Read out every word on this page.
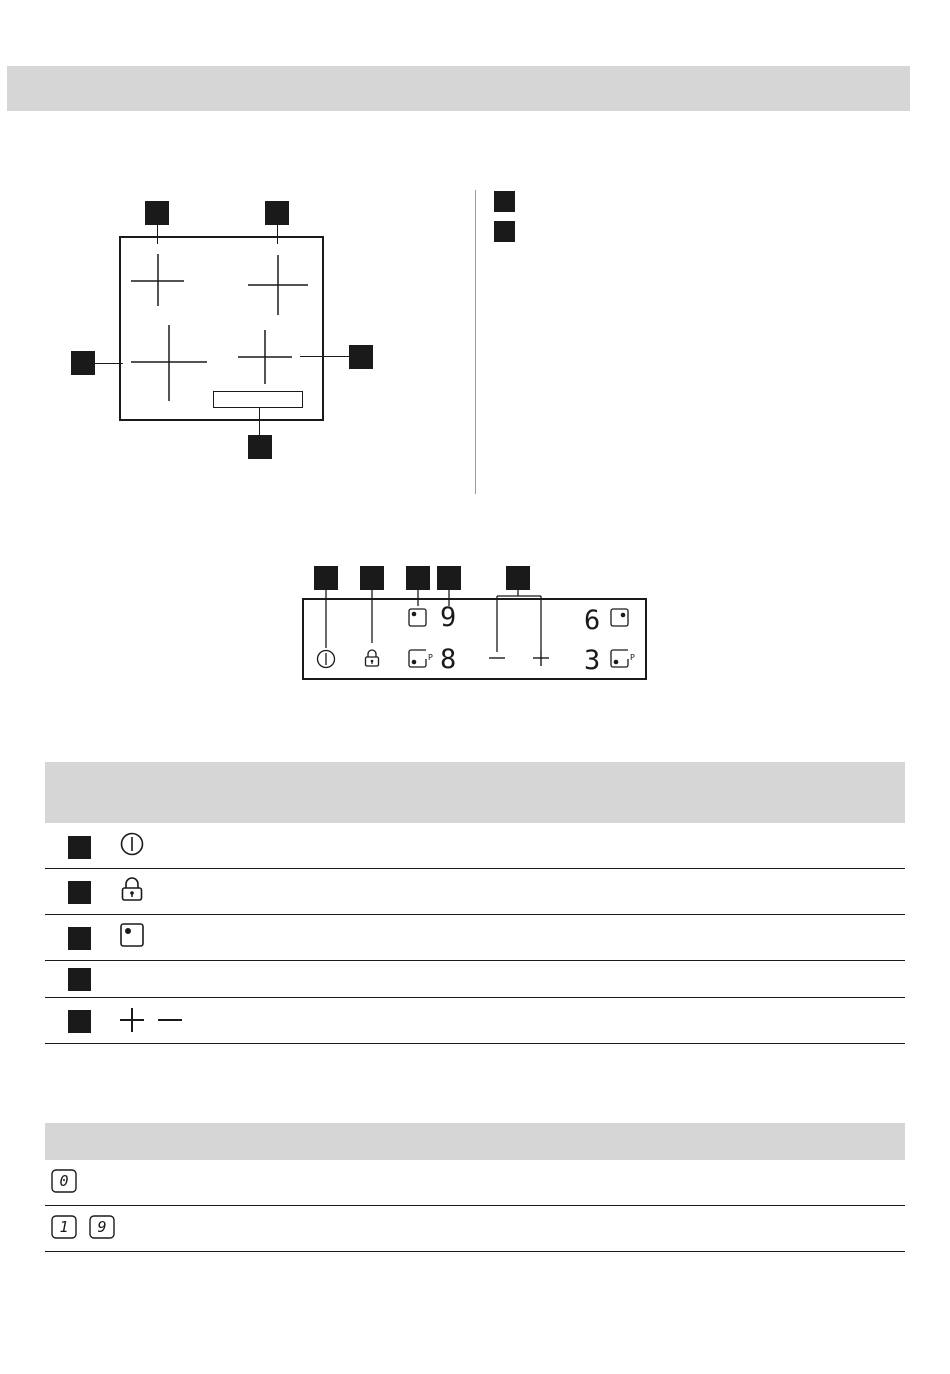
P	P
9
8
6
3
0
1 9
